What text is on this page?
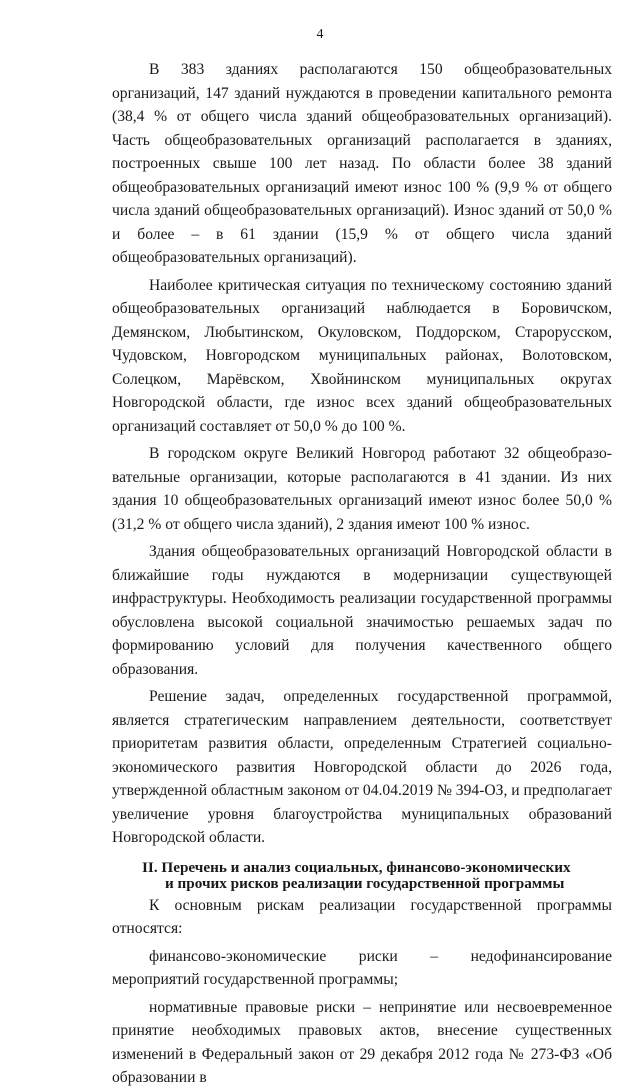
4

В 383 зданиях располагаются 150 общеобразовательных организаций, 147 зданий нуждаются в проведении капитального ремонта (38,4 % от общего числа зданий общеобразовательных организаций). Часть общеобразовательных организаций располагается в зданиях, построенных свыше 100 лет назад. По области более 38 зданий общеобразовательных организаций имеют износ 100 % (9,9 % от общего числа зданий общеобразовательных организаций). Износ зданий от 50,0 % и более – в 61 здании (15,9 % от общего числа зданий общеобразовательных организаций).

Наиболее критическая ситуация по техническому состоянию зданий общеобразовательных организаций наблюдается в Боровичском, Демянском, Любытинском, Окуловском, Поддорском, Старорусском, Чудовском, Новгородском муниципальных районах, Волотовском, Солецком, Марёвском, Хвойнинском муниципальных округах Новгородской области, где износ всех зданий общеобразовательных организаций составляет от 50,0 % до 100 %.

В городском округе Великий Новгород работают 32 общеобразо-вательные организации, которые располагаются в 41 здании. Из них здания 10 общеобразовательных организаций имеют износ более 50,0 % (31,2 % от общего числа зданий), 2 здания имеют 100 % износ.

Здания общеобразовательных организаций Новгородской области в ближайшие годы нуждаются в модернизации существующей инфраструктуры. Необходимость реализации государственной программы обусловлена высокой социальной значимостью решаемых задач по формированию условий для получения качественного общего образования.

Решение задач, определенных государственной программой, является стратегическим направлением деятельности, соответствует приоритетам развития области, определенным Стратегией социально-экономического развития Новгородской области до 2026 года, утвержденной областным законом от 04.04.2019 № 394-ОЗ, и предполагает увеличение уровня благоустройства муниципальных образований Новгородской области.

II. Перечень и анализ социальных, финансово-экономических
и прочих рисков реализации государственной программы

К основным рискам реализации государственной программы относятся:

финансово-экономические риски – недофинансирование мероприятий государственной программы;

нормативные правовые риски – непринятие или несвоевременное принятие необходимых правовых актов, внесение существенных изменений в Федеральный закон от 29 декабря 2012 года № 273-ФЗ «Об образовании в
